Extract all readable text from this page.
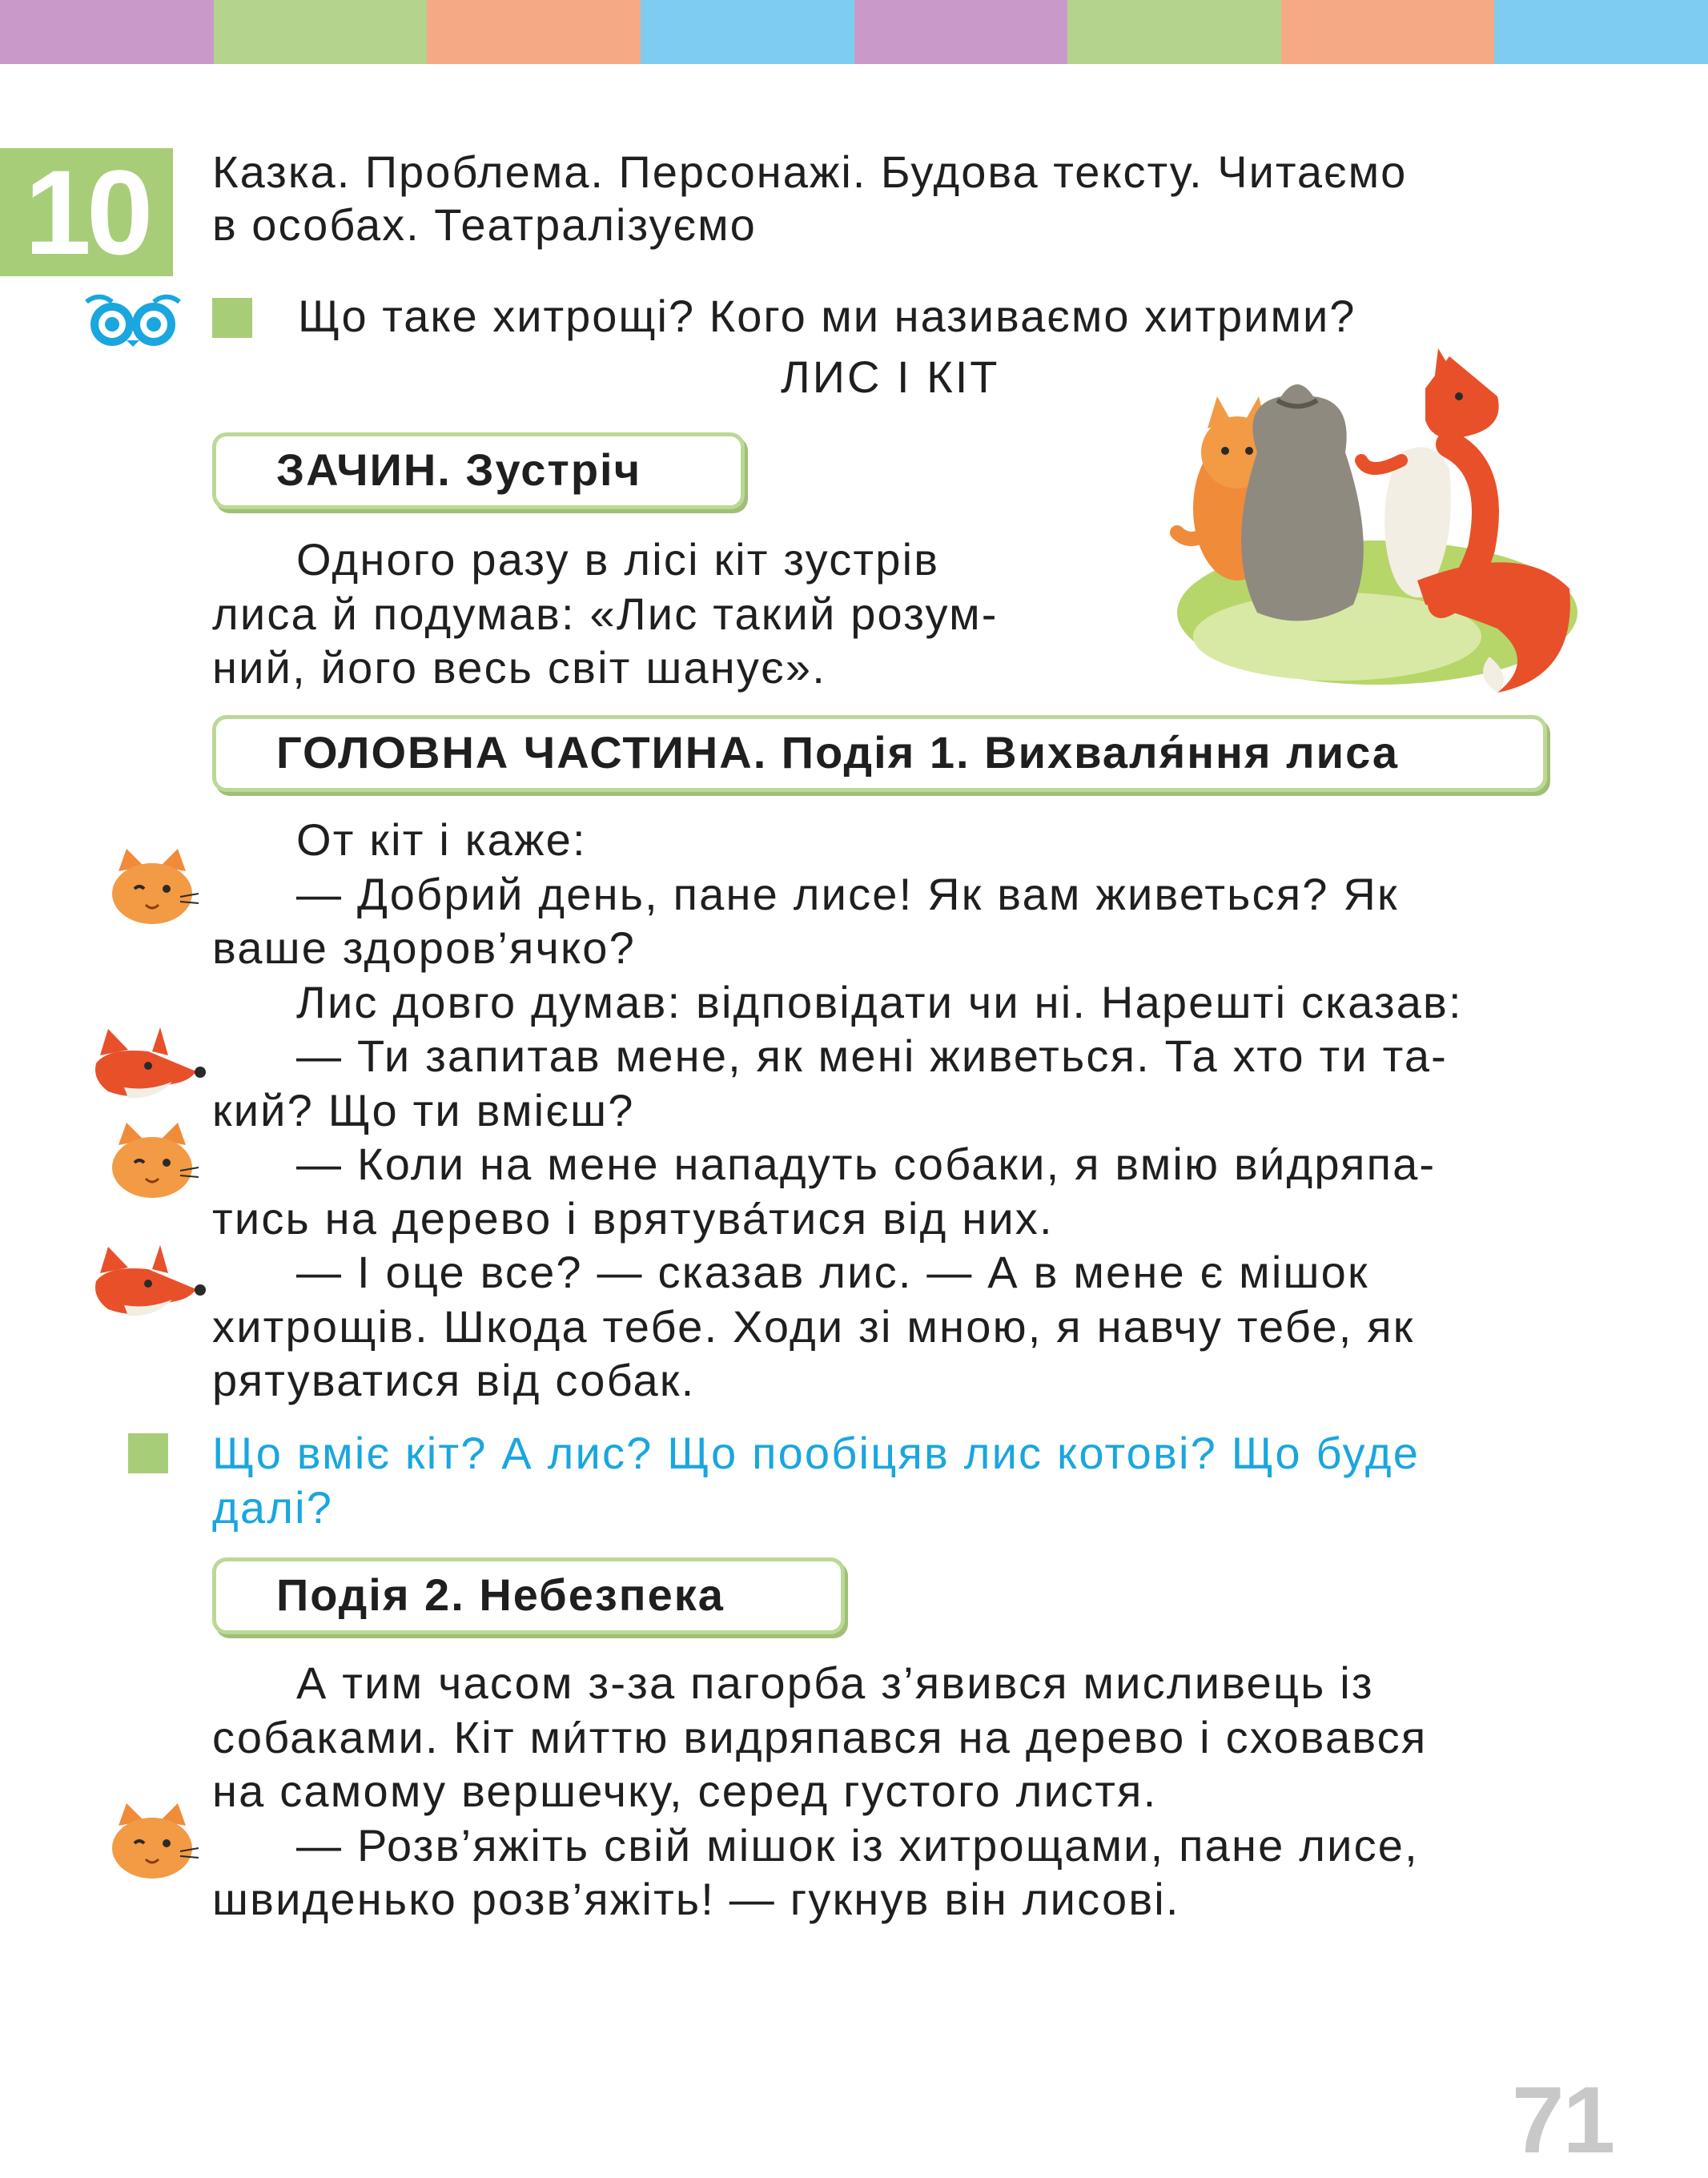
10	Казка. Проблема. Персонажі. Будова тексту. Читаємо
в особах. Театралізуємо
Що таке хитрощі? Кого ми називаємо хитрими?
ЛИС І КІТ
ЗАЧИН. Зустріч

Одного разу в лісі кіт зустрів

лиса й подумав: «Лис такий розум-

ний, його весь світ шанує».

ГОЛОВНА ЧАСТИНА. Подія 1. Вихваля́ння лиса

От кіт і каже:

— Добрий день, пане лисе! Як вам живеться? Як

ваше здоров’ячко?

Лис довго думав: відповідати чи ні. Нарешті сказав:

— Ти запитав мене, як мені живеться. Та хто ти та-

кий? Що ти вмієш?

— Коли на мене нападуть собаки, я вмію ви́дряпа-

тись на дерево і врятува́тися від них.

— І оце все? — сказав лис. — А в мене є мішок

хитрощів. Шкода тебе. Ходи зі мною, я навчу тебе, як

рятуватися від собак.

Що вміє кіт? А лис? Що пообіцяв лис котові? Що буде

далі?

Подія 2. Небезпека

А тим часом з-за пагорба з’явився мисливець із

собаками. Кіт ми́ттю видряпався на дерево і сховався

на самому вершечку, серед густого листя.

— Розв’яжіть свій мішок із хитрощами, пане лисе,

швиденько розв’яжіть! — гукнув він лисові.

71
